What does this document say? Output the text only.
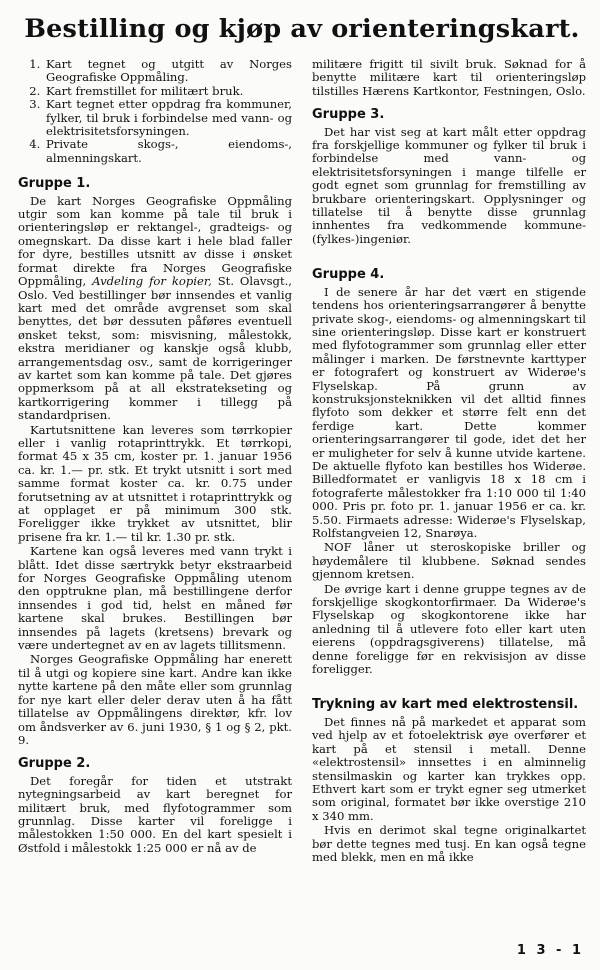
Bestilling og kjøp av orienteringskart.
1. Kart tegnet og utgitt av Norges Geografiske Oppmåling.
2. Kart fremstillet for militært bruk.
3. Kart tegnet etter oppdrag fra kommuner, fylker, til bruk i forbindelse med vann- og elektrisitetsforsyningen.
4. Private skogs-, eiendoms-, almenningskart.
Gruppe 1.

De kart Norges Geografiske Oppmåling utgir som kan komme på tale til bruk i orienteringsløp er rektangel-, gradteigs- og omegnskart. Da disse kart i hele blad faller for dyre, bestilles utsnitt av disse i ønsket format direkte fra Norges Geografiske Oppmåling, Avdeling for kopier, St. Olavsgt., Oslo. Ved bestillinger bør innsendes et vanlig kart med det område avgrenset som skal benyttes, det bør dessuten påføres eventuell ønsket tekst, som: misvisning, målestokk, ekstra meridianer og kanskje også klubb, arrangementsdag osv., samt de korrigeringer av kartet som kan komme på tale. Det gjøres oppmerksom på at all ekstratekseting og kartkorrigering kommer i tillegg på standardprisen.

Kartutsnittene kan leveres som tørrkopier eller i vanlig rotaprinttrykk. Et tørrkopi, format 45 x 35 cm, koster pr. 1. januar 1956 ca. kr. 1.— pr. stk. Et trykt utsnitt i sort med samme format koster ca. kr. 0.75 under forutsetning av at utsnittet i rotaprinttrykk og at opplaget er på minimum 300 stk. Foreligger ikke trykket av utsnittet, blir prisene fra kr. 1.— til kr. 1.30 pr. stk.

Kartene kan også leveres med vann trykt i blått. Idet disse særtrykk betyr ekstraarbeid for Norges Geografiske Oppmåling utenom den opptrukne plan, må bestillingene derfor innsendes i god tid, helst en måned før kartene skal brukes. Bestillingen bør innsendes på lagets (kretsens) brevark og være undertegnet av en av lagets tillitsmenn.

Norges Geografiske Oppmåling har enerett til å utgi og kopiere sine kart. Andre kan ikke nytte kartene på den måte eller som grunnlag for nye kart eller deler derav uten å ha fått tillatelse av Oppmålingens direktør, kfr. lov om åndsverker av 6. juni 1930, § 1 og § 2, pkt. 9.

Gruppe 2.

Det foregår for tiden et utstrakt nytegningsarbeid av kart beregnet for militært bruk, med flyfotogrammer som grunnlag. Disse karter vil foreligge i målestokken 1:50 000. En del kart spesielt i Østfold i målestokk 1:25 000 er nå av de

militære frigitt til sivilt bruk. Søknad for å benytte militære kart til orienteringsløp tilstilles Hærens Kartkontor, Festningen, Oslo.

Gruppe 3.

Det har vist seg at kart målt etter oppdrag fra forskjellige kommuner og fylker til bruk i forbindelse med vann- og elektrisitetsforsyningen i mange tilfelle er godt egnet som grunnlag for fremstilling av brukbare orienteringskart. Opplysninger og tillatelse til å benytte disse grunnlag innhentes fra vedkommende kommune- (fylkes-)ingeniør.

Gruppe 4.

I de senere år har det vært en stigende tendens hos orienteringsarrangører å benytte private skog-, eiendoms- og almenningskart til sine orienteringsløp. Disse kart er konstruert med flyfotogrammer som grunnlag eller etter målinger i marken. De førstnevnte karttyper er fotografert og konstruert av Widerøe's Flyselskap. På grunn av konstruksjonsteknikken vil det alltid finnes flyfoto som dekker et større felt enn det ferdige kart. Dette kommer orienteringsarrangører til gode, idet det her er muligheter for selv å kunne utvide kartene. De aktuelle flyfoto kan bestilles hos Widerøe. Billedformatet er vanligvis 18 x 18 cm i fotograferte målestokker fra 1:10 000 til 1:40 000. Pris pr. foto pr. 1. januar 1956 er ca. kr. 5.50. Firmaets adresse: Widerøe's Flyselskap, Rolfstangveien 12, Snarøya.

NOF låner ut steroskopiske briller og høydemålere til klubbene. Søknad sendes gjennom kretsen.

De øvrige kart i denne gruppe tegnes av de forskjellige skogkontorfirmaer. Da Widerøe's Flyselskap og skogkontorene ikke har anledning til å utlevere foto eller kart uten eierens (oppdragsgiverens) tillatelse, må denne foreligge før en rekvisisjon av disse foreligger.

Trykning av kart med elektrostensil.

Det finnes nå på markedet et apparat som ved hjelp av et fotoelektrisk øye overfører et kart på et stensil i metall. Denne «elektrostensil» innsettes i en alminnelig stensilmaskin og karter kan trykkes opp. Ethvert kart som er trykt egner seg utmerket som original, formatet bør ikke overstige 210 x 340 mm.

Hvis en derimot skal tegne originalkartet bør dette tegnes med tusj. En kan også tegne med blekk, men en må ikke

1 3 - 1
